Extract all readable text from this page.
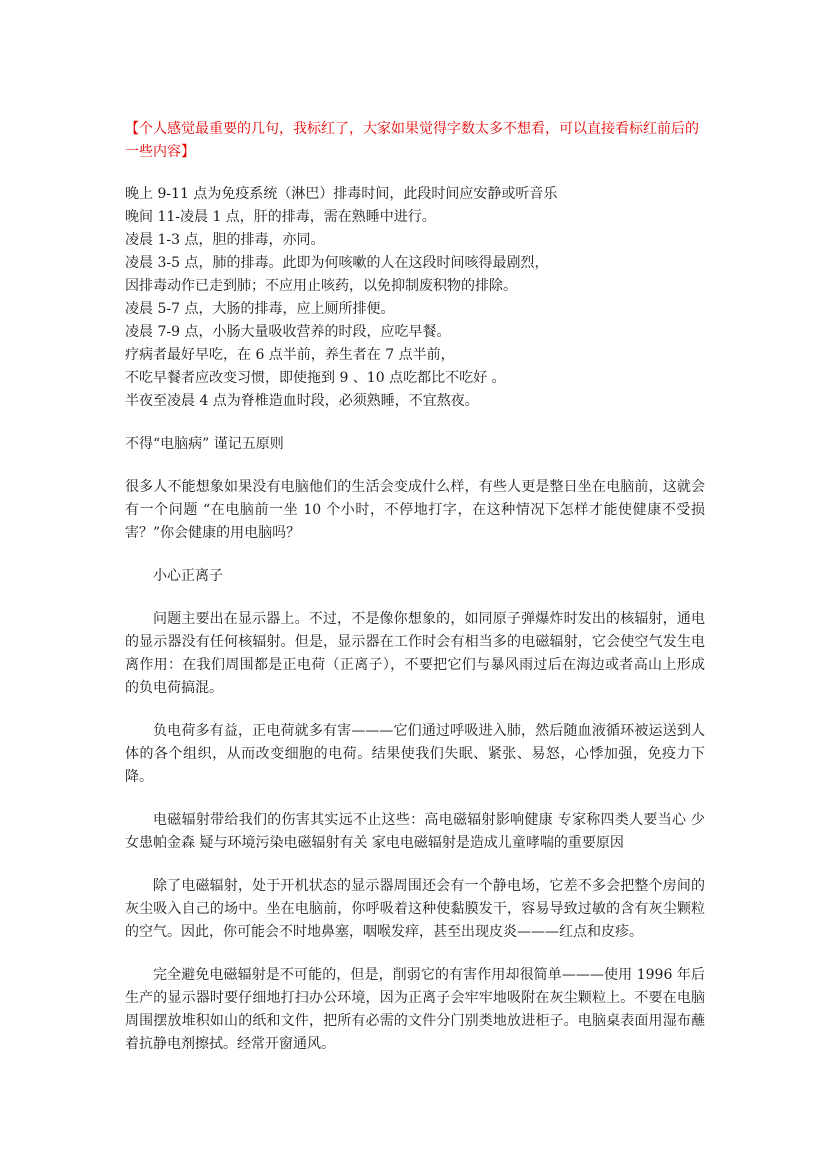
【个人感觉最重要的几句，我标红了，大家如果觉得字数太多不想看，可以直接看标红前后的一些内容】

晚上 9-11 点为免疫系统（淋巴）排毒时间，此段时间应安静或听音乐
晚间 11-凌晨 1 点，肝的排毒，需在熟睡中进行。
凌晨 1-3 点，胆的排毒，亦同。
凌晨 3-5 点，肺的排毒。此即为何咳嗽的人在这段时间咳得最剧烈，
因排毒动作已走到肺；不应用止咳药，以免抑制废积物的排除。
凌晨 5-7 点，大肠的排毒，应上厕所排便。
凌晨 7-9 点，小肠大量吸收营养的时段，应吃早餐。
疗病者最好早吃，在 6 点半前，养生者在 7 点半前，
不吃早餐者应改变习惯，即使拖到 9 、10 点吃都比不吃好 。
半夜至凌晨 4 点为脊椎造血时段，必须熟睡，不宜熬夜。

不得“电脑病” 谨记五原则

很多人不能想象如果没有电脑他们的生活会变成什么样，有些人更是整日坐在电脑前，这就会有一个问题 “在电脑前一坐 10 个小时，不停地打字，在这种情况下怎样才能使健康不受损害？”你会健康的用电脑吗？

小心正离子

问题主要出在显示器上。不过，不是像你想象的，如同原子弹爆炸时发出的核辐射，通电的显示器没有任何核辐射。但是，显示器在工作时会有相当多的电磁辐射，它会使空气发生电离作用：在我们周围都是正电荷（正离子），不要把它们与暴风雨过后在海边或者高山上形成的负电荷搞混。

负电荷多有益，正电荷就多有害———它们通过呼吸进入肺，然后随血液循环被运送到人体的各个组织，从而改变细胞的电荷。结果使我们失眠、紧张、易怒，心悸加强，免疫力下降。

电磁辐射带给我们的伤害其实远不止这些：高电磁辐射影响健康 专家称四类人要当心 少女患帕金森 疑与环境污染电磁辐射有关 家电电磁辐射是造成儿童哮喘的重要原因

除了电磁辐射，处于开机状态的显示器周围还会有一个静电场，它差不多会把整个房间的灰尘吸入自己的场中。坐在电脑前，你呼吸着这种使黏膜发干，容易导致过敏的含有灰尘颗粒的空气。因此，你可能会不时地鼻塞，咽喉发痒，甚至出现皮炎———红点和皮疹。

完全避免电磁辐射是不可能的，但是，削弱它的有害作用却很简单———使用 1996 年后生产的显示器时要仔细地打扫办公环境，因为正离子会牢牢地吸附在灰尘颗粒上。不要在电脑周围摆放堆积如山的纸和文件，把所有必需的文件分门别类地放进柜子。电脑桌表面用湿布蘸着抗静电剂擦拭。经常开窗通风。
